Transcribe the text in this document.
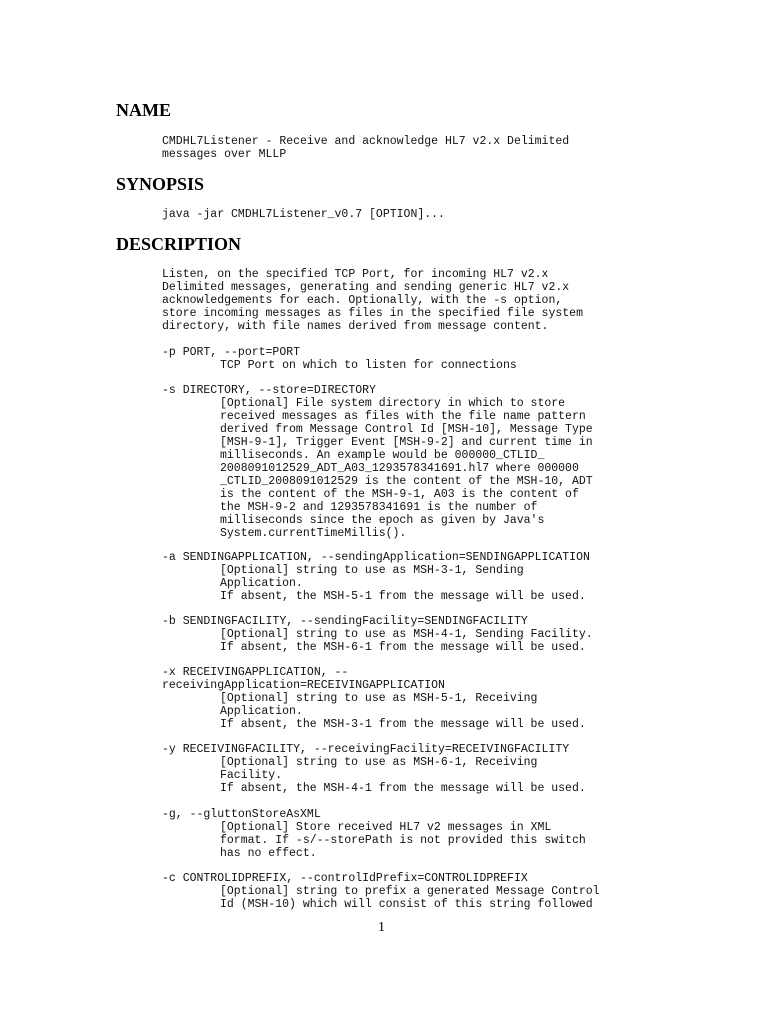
NAME
CMDHL7Listener - Receive and acknowledge HL7 v2.x Delimited
messages over MLLP
SYNOPSIS
java -jar CMDHL7Listener_v0.7 [OPTION]...
DESCRIPTION
Listen, on the specified TCP Port, for incoming HL7 v2.x
Delimited messages, generating and sending generic HL7 v2.x
acknowledgements for each. Optionally, with the -s option,
store incoming messages as files in the specified file system
directory, with file names derived from message content.
-p PORT, --port=PORT
TCP Port on which to listen for connections
-s DIRECTORY, --store=DIRECTORY
[Optional] File system directory in which to store
received messages as files with the file name pattern
derived from Message Control Id [MSH-10], Message Type
[MSH-9-1], Trigger Event [MSH-9-2] and current time in
milliseconds. An example would be 000000_CTLID_
2008091012529_ADT_A03_1293578341691.hl7 where 000000
_CTLID_2008091012529 is the content of the MSH-10, ADT
is the content of the MSH-9-1, A03 is the content of
the MSH-9-2 and 1293578341691 is the number of
milliseconds since the epoch as given by Java's
System.currentTimeMillis().
-a SENDINGAPPLICATION, --sendingApplication=SENDINGAPPLICATION
[Optional] string to use as MSH-3-1, Sending
Application.
If absent, the MSH-5-1 from the message will be used.
-b SENDINGFACILITY, --sendingFacility=SENDINGFACILITY
[Optional] string to use as MSH-4-1, Sending Facility.
If absent, the MSH-6-1 from the message will be used.
-x RECEIVINGAPPLICATION, --
receivingApplication=RECEIVINGAPPLICATION
[Optional] string to use as MSH-5-1, Receiving
Application.
If absent, the MSH-3-1 from the message will be used.
-y RECEIVINGFACILITY, --receivingFacility=RECEIVINGFACILITY
[Optional] string to use as MSH-6-1, Receiving
Facility.
If absent, the MSH-4-1 from the message will be used.
-g, --gluttonStoreAsXML
[Optional] Store received HL7 v2 messages in XML
format. If -s/--storePath is not provided this switch
has no effect.
-c CONTROLIDPREFIX, --controlIdPrefix=CONTROLIDPREFIX
[Optional] string to prefix a generated Message Control
Id (MSH-10) which will consist of this string followed
1
